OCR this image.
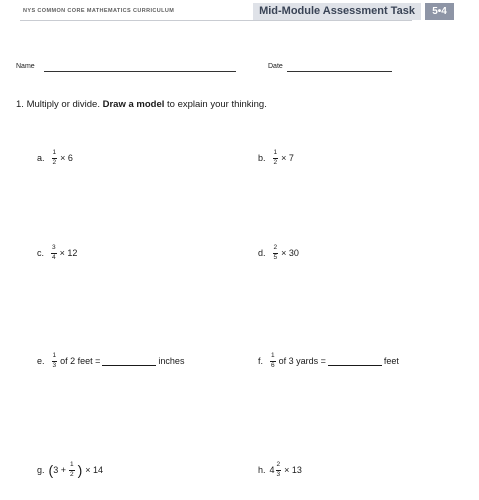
NYS COMMON CORE MATHEMATICS CURRICULUM	Mid-Module Assessment Task	5•4
Name	Date
1. Multiply or divide. Draw a model to explain your thinking.
a. $\frac{1}{2} \times 6$	b. $\frac{1}{2} \times 7$
c. $\frac{3}{4} \times 12$	d. $\frac{2}{5} \times 30$
e. $\frac{1}{3}$ of 2 feet =	inches	f. $\frac{1}{6}$ of 3 yards =	feet
g. ( $3 + \frac{1}{2}$ ) × 14	h. $4 \frac{2}{3} \times 13$
